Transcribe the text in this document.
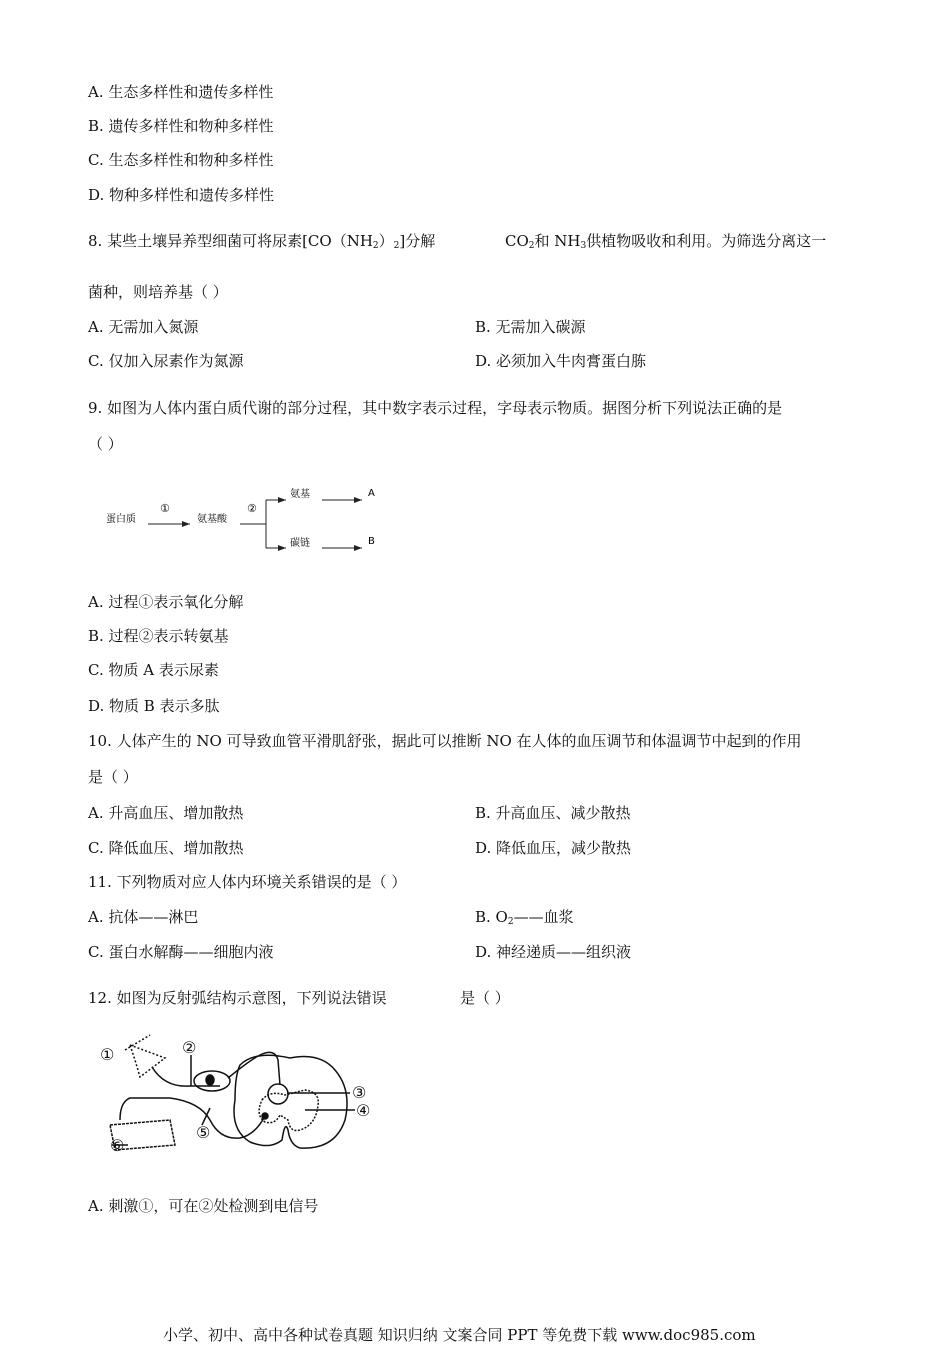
A. 生态多样性和遗传多样性
B. 遗传多样性和物种多样性
C. 生态多样性和物种多样性
D. 物种多样性和遗传多样性
8. 某些土壤异养型细菌可将尿素$[CO(NH_2)_2]$分解	$CO_2$和 $NH_3$供植物吸收和利用。为筛选分离这一
菌种，则培养基（ ）
A. 无需加入氮源	B. 无需加入碳源
C. 仅加入尿素作为氮源	D. 必须加入牛肉膏蛋白胨
9. 如图为人体内蛋白质代谢的部分过程，其中数字表示过程，字母表示物质。据图分析下列说法正确的是
（ ）
蛋白质
①
氨基酸
②
氨基
碳链
A
B
A. 过程①表示氧化分解
B. 过程②表示转氨基
C. 物质 A 表示尿素
D. 物质 B 表示多肽
10. 人体产生的 NO 可导致血管平滑肌舒张，据此可以推断 NO 在人体的血压调节和体温调节中起到的作用
是（ ）
A. 升高血压、增加散热	B. 升高血压、减少散热
C. 降低血压、增加散热	D. 降低血压，减少散热
11. 下列物质对应人体内环境关系错误的是（ ）
A. 抗体——淋巴	B. $O_2——$血浆
C. 蛋白水解酶——细胞内液	D. 神经递质——组织液
12. 如图为反射弧结构示意图，下列说法错误	是（ ）
①	②
③
④
⑤
⑥
A. 刺激①，可在②处检测到电信号
小学、初中、高中各种试卷真题 知识归纳 文案合同 PPT 等免费下载 www.doc985.com
